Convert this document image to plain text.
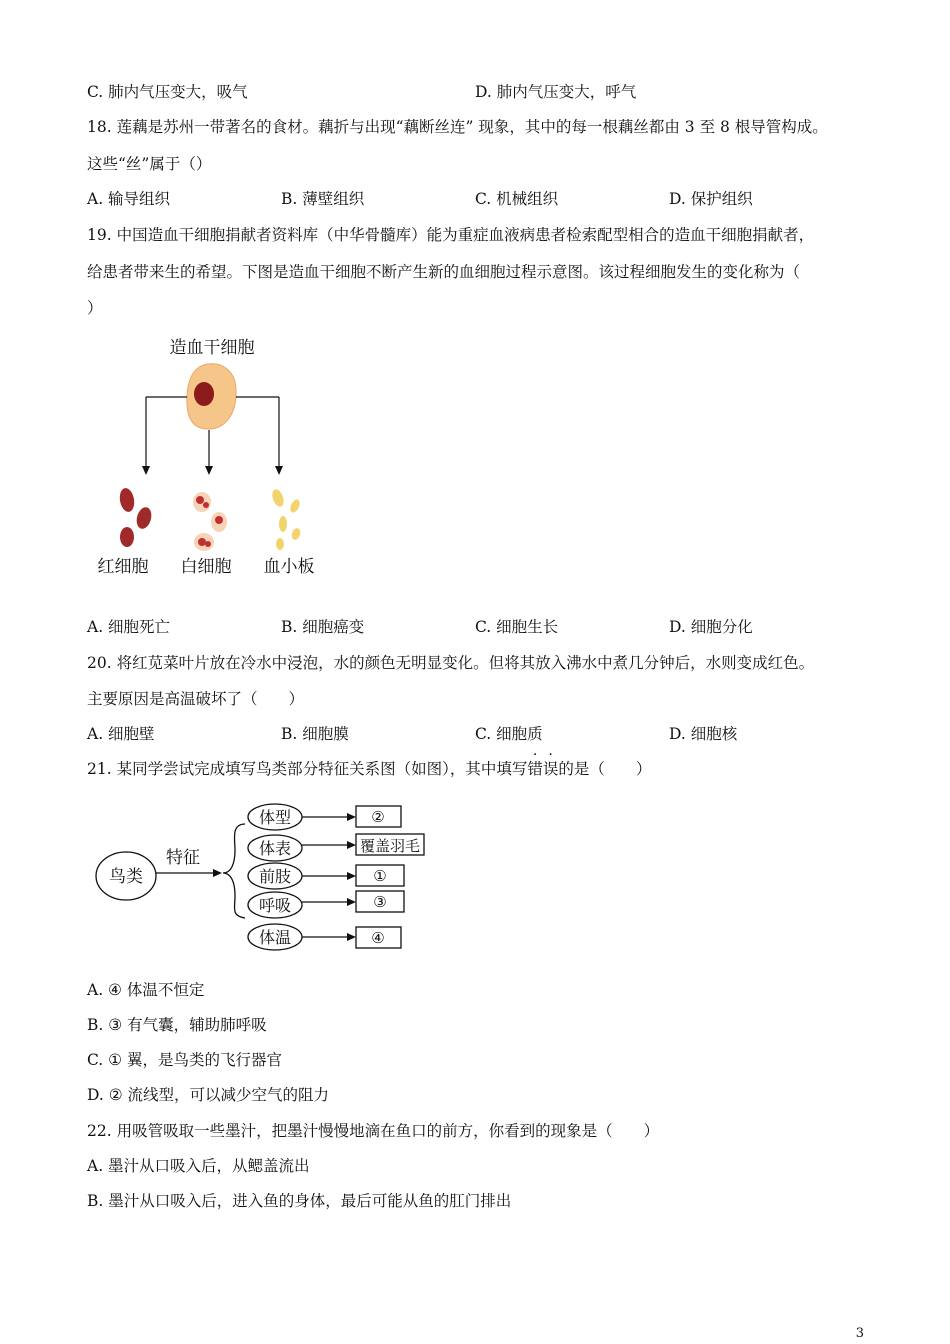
C. 肺内气压变大，吸气	D. 肺内气压变大，呼气
18. 莲藕是苏州一带著名的食材。藕折与出现“藕断丝连” 现象，其中的每一根藕丝都由 3 至 8 根导管构成。
这些“丝”属于（）
A. 输导组织	B. 薄壁组织	C. 机械组织	D. 保护组织
19. 中国造血干细胞捐献者资料库（中华骨髓库）能为重症血液病患者检索配型相合的造血干细胞捐献者，
给患者带来生的希望。下图是造血干细胞不断产生新的血细胞过程示意图。该过程细胞发生的变化称为（
）
造血干细胞
红细胞 白细胞 血小板
A. 细胞死亡	B. 细胞癌变	C. 细胞生长	D. 细胞分化
20. 将红苋菜叶片放在冷水中浸泡，水的颜色无明显变化。但将其放入沸水中煮几分钟后，水则变成红色。
主要原因是高温破坏了（　　）
A. 细胞壁	B. 细胞膜	C. 细胞质	D. 细胞核
21. 某同学尝试完成填写鸟类部分特征关系图（如图），其中填写错误的是（　　）
鸟类
特征
体型
体表
前肢
呼吸
体温
②
覆盖羽毛
①
③
④
A. ④ 体温不恒定
B. ③ 有气囊，辅助肺呼吸
C. ① 翼，是鸟类的飞行器官
D. ② 流线型，可以减少空气的阻力
22. 用吸管吸取一些墨汁，把墨汁慢慢地滴在鱼口的前方，你看到的现象是（　　）
A. 墨汁从口吸入后，从鳃盖流出
B. 墨汁从口吸入后，进入鱼的身体，最后可能从鱼的肛门排出
3
